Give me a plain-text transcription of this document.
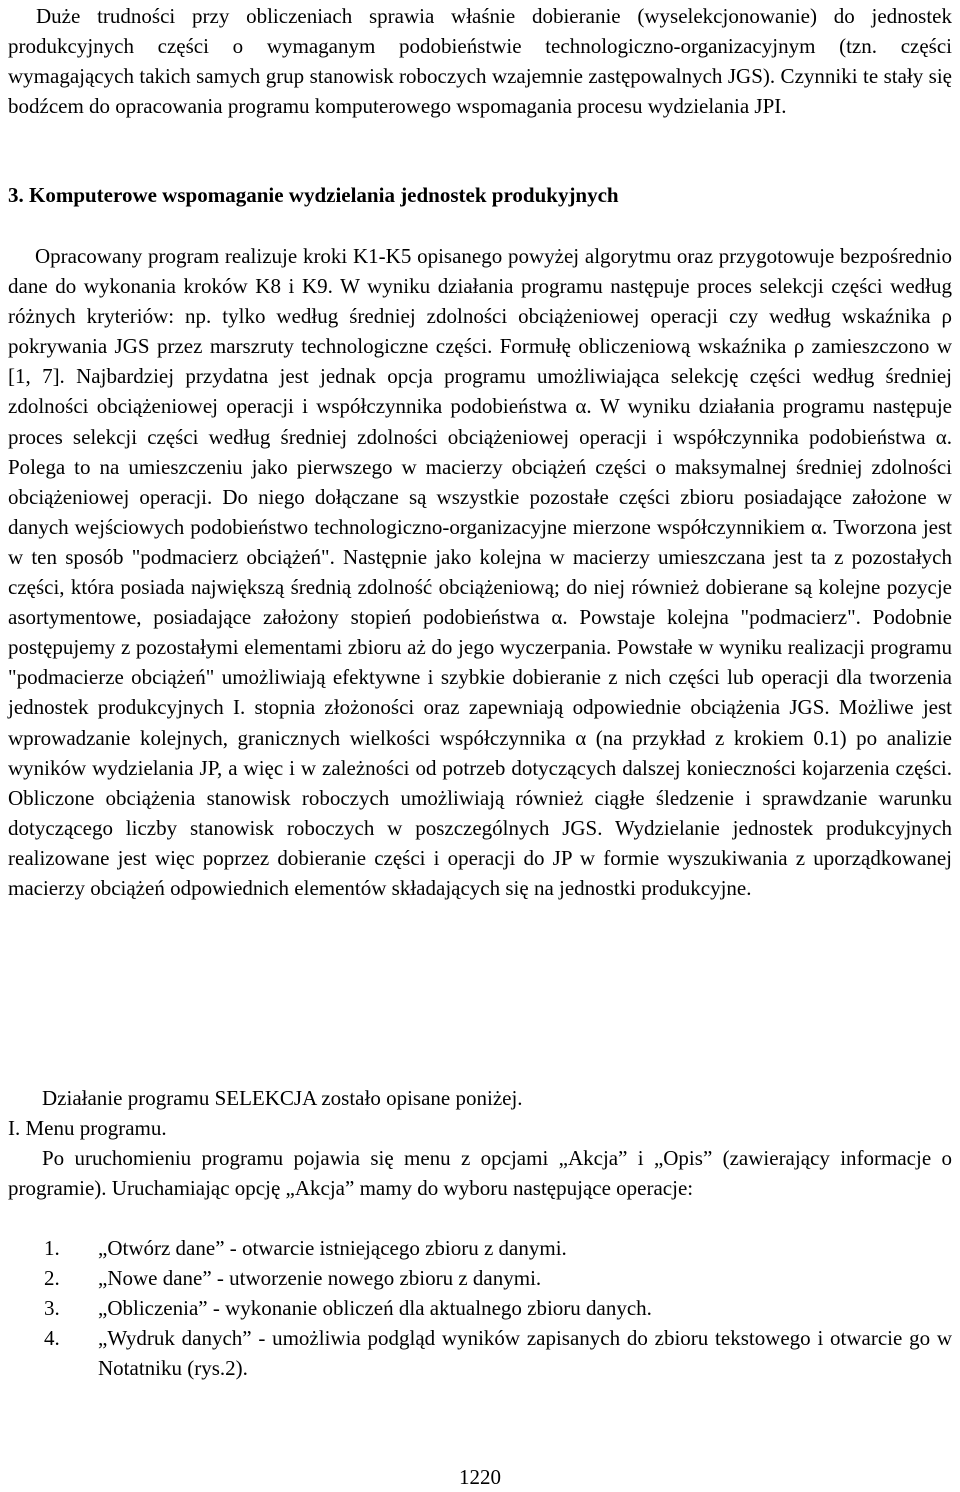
Duże trudności przy obliczeniach sprawia właśnie dobieranie (wyselekcjonowanie) do jednostek produkcyjnych części o wymaganym podobieństwie technologiczno-organizacyjnym (tzn. części wymagających takich samych grup stanowisk roboczych wzajemnie zastępowalnych JGS). Czynniki te stały się bodźcem do opracowania programu komputerowego wspomagania procesu wydzielania JPI.

3. Komputerowe wspomaganie wydzielania jednostek produkyjnych

Opracowany program realizuje kroki K1-K5 opisanego powyżej algorytmu oraz przygotowuje bezpośrednio dane do wykonania kroków K8 i K9. W wyniku działania programu następuje proces selekcji części według różnych kryteriów: np. tylko według średniej zdolności obciążeniowej operacji czy według wskaźnika ρ pokrywania JGS przez marszruty technologiczne części. Formułę obliczeniową wskaźnika ρ zamieszczono w [1, 7]. Najbardziej przydatna jest jednak opcja programu umożliwiająca selekcję części według średniej zdolności obciążeniowej operacji i współczynnika podobieństwa α. W wyniku działania programu następuje proces selekcji części według średniej zdolności obciążeniowej operacji i współczynnika podobieństwa α. Polega to na umieszczeniu jako pierwszego w macierzy obciążeń części o maksymalnej średniej zdolności obciążeniowej operacji. Do niego dołączane są wszystkie pozostałe części zbioru posiadające założone w danych wejściowych podobieństwo technologiczno-organizacyjne mierzone współczynnikiem α. Tworzona jest w ten sposób "podmacierz obciążeń". Następnie jako kolejna w macierzy umieszczana jest ta z pozostałych części, która posiada największą średnią zdolność obciążeniową; do niej również dobierane są kolejne pozycje asortymentowe, posiadające założony stopień podobieństwa α. Powstaje kolejna "podmacierz". Podobnie postępujemy z pozostałymi elementami zbioru aż do jego wyczerpania. Powstałe w wyniku realizacji programu "podmacierze obciążeń" umożliwiają efektywne i szybkie dobieranie z nich części lub operacji dla tworzenia jednostek produkcyjnych I. stopnia złożoności oraz zapewniają odpowiednie obciążenia JGS. Możliwe jest wprowadzanie kolejnych, granicznych wielkości współczynnika α (na przykład z krokiem 0.1) po analizie wyników wydzielania JP, a więc i w zależności od potrzeb dotyczących dalszej konieczności kojarzenia części. Obliczone obciążenia stanowisk roboczych umożliwiają również ciągłe śledzenie i sprawdzanie warunku dotyczącego liczby stanowisk roboczych w poszczególnych JGS. Wydzielanie jednostek produkcyjnych realizowane jest więc poprzez dobieranie części i operacji do JP w formie wyszukiwania z uporządkowanej macierzy obciążeń odpowiednich elementów składających się na jednostki produkcyjne.

Działanie programu SELEKCJA zostało opisane poniżej.

I. Menu programu.

Po uruchomieniu programu pojawia się menu z opcjami „Akcja” i „Opis” (zawierający informacje o programie). Uruchamiając opcję „Akcja” mamy do wyboru następujące operacje:

1.	„Otwórz dane” - otwarcie istniejącego zbioru z danymi.
2.	„Nowe dane” - utworzenie nowego zbioru z danymi.
3.	„Obliczenia” - wykonanie obliczeń dla aktualnego zbioru danych.
4.	„Wydruk danych” - umożliwia podgląd wyników zapisanych do zbioru tekstowego i otwarcie go w Notatniku (rys.2).
1220
